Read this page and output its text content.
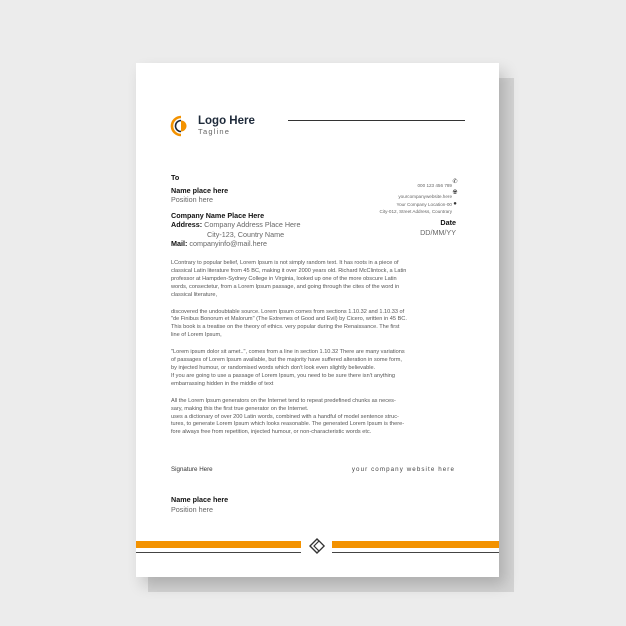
Logo Here
Tagline
To
Name place here
Position here
Company Name Place Here
Address: Company Address Place Here
City-123, Country Name
Mail: companyinfo@mail.here
000 123 456 789
yourcompanywebsite.here
Your Company Location-00
City-012, Street Address, Countrary
✆
🌐︎
●
Date
DD/MM/YY

LContrary to popular belief, Lorem Ipsum is not simply random text. It has roots in a piece of
classical Latin literature from 45 BC, making it over 2000 years old. Richard McClintock, a Latin
professor at Hampden-Sydney College in Virginia, looked up one of the more obscure Latin
words, consectetur, from a Lorem Ipsum passage, and going through the cites of the word in
classical literature,

discovered the undoubtable source. Lorem Ipsum comes from sections 1.10.32 and 1.10.33 of
"de Finibus Bonorum et Malorum" (The Extremes of Good and Evil) by Cicero, written in 45 BC.
This book is a treatise on the theory of ethics. very popular during the Renaissance. The first
line of Lorem Ipsum,

"Lorem ipsum dolor sit amet..", comes from a line in section 1.10.32 There are many variations
of passages of Lorem Ipsum available, but the majority have suffered alteration in some form,
by injected humour, or randomised words which don't look even slightly believable.
If you are going to use a passage of Lorem Ipsum, you need to be sure there isn't anything
embarrassing hidden in the middle of text

All the Lorem Ipsum generators on the Internet tend to repeat predefined chunks as neces-
sary, making this the first true generator on the Internet.
uses a dictionary of over 200 Latin words, combined with a handful of model sentence struc-
tures, to generate Lorem Ipsum which looks reasonable. The generated Lorem Ipsum is there-
fore always free from repetition, injected humour, or non-characteristic words etc.

Signature Here	your company website here
Name place here
Position here
